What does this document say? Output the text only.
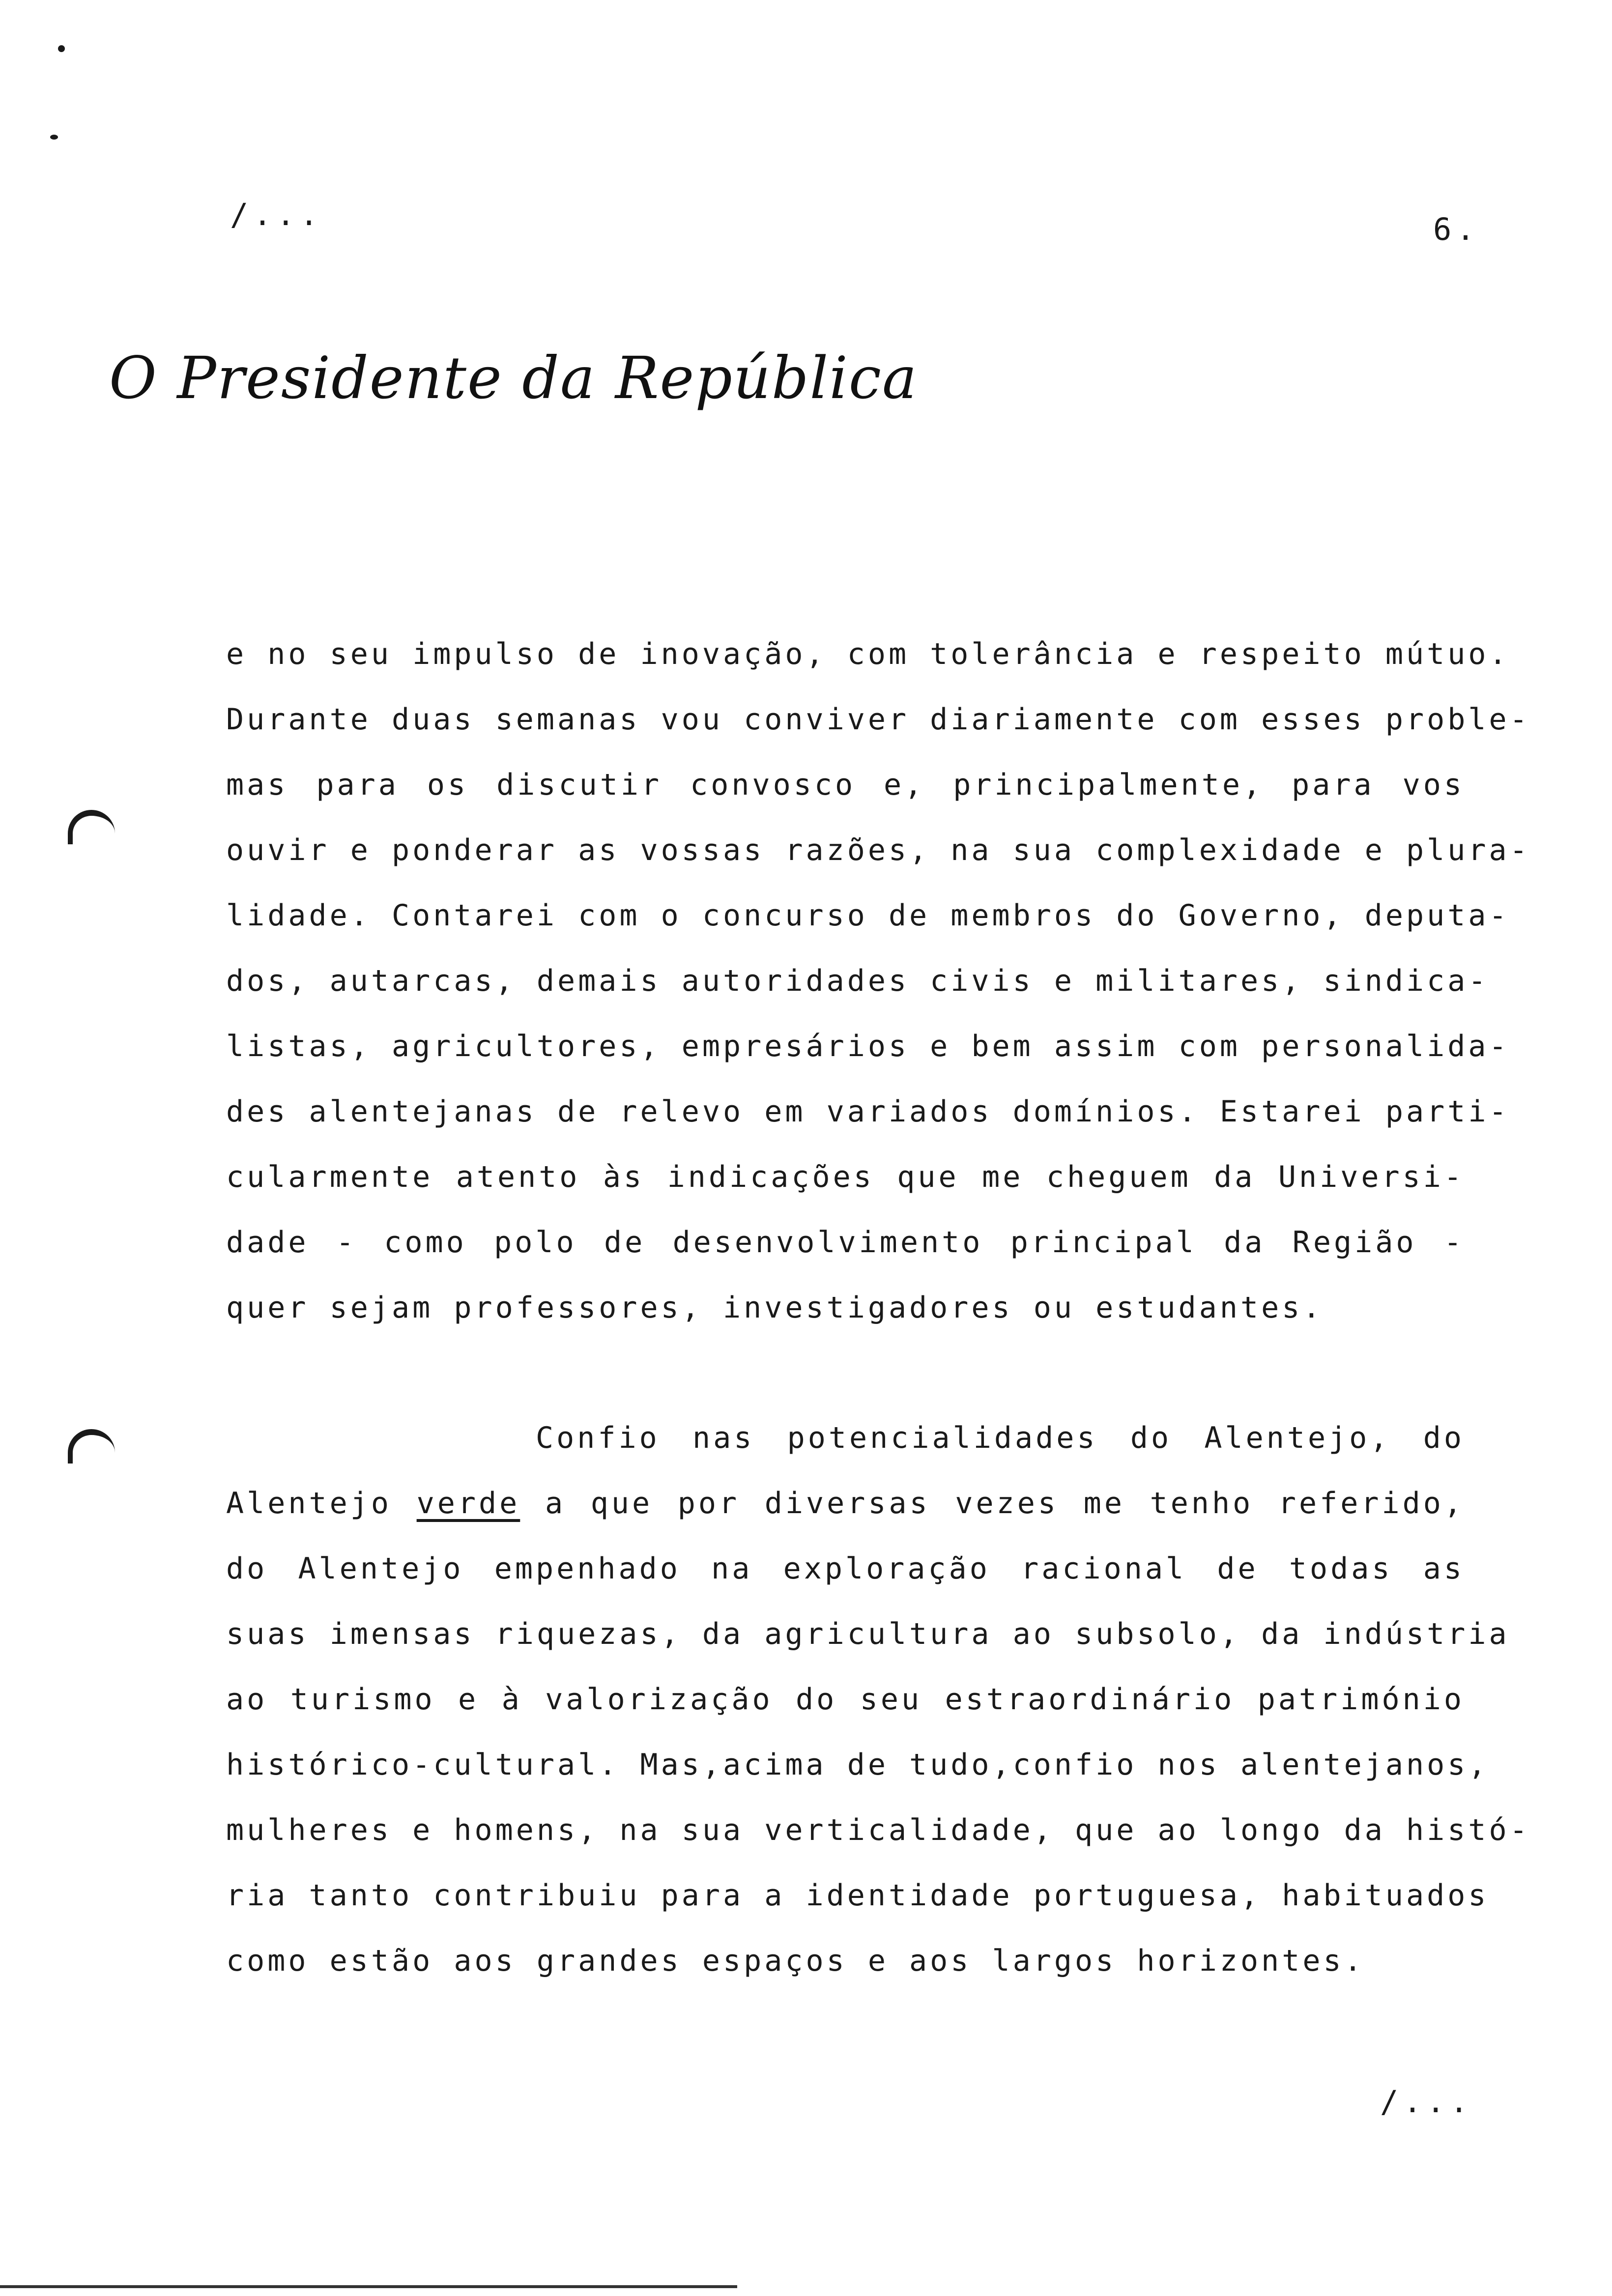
/...	6.
O Presidente da República
e no seu impulso de inovação, com tolerância e respeito mútuo.
Durante duas semanas vou conviver diariamente com esses proble-
mas para os discutir convosco e, principalmente, para vos
ouvir e ponderar as vossas razões, na sua complexidade e plura-
lidade. Contarei com o concurso de membros do Governo, deputa-
dos, autarcas, demais autoridades civis e militares, sindica-
listas, agricultores, empresários e bem assim com personalida-
des alentejanas de relevo em variados domínios. Estarei parti-
cularmente atento às indicações que me cheguem da Universi-
dade - como polo de desenvolvimento principal da Região -
quer sejam professores, investigadores ou estudantes.
Confio nas potencialidades do Alentejo, do
Alentejo verde a que por diversas vezes me tenho referido,
do Alentejo empenhado na exploração racional de todas as
suas imensas riquezas, da agricultura ao subsolo, da indústria
ao turismo e à valorização do seu estraordinário património
histórico-cultural. Mas,acima de tudo,confio nos alentejanos,
mulheres e homens, na sua verticalidade, que ao longo da histó-
ria tanto contribuiu para a identidade portuguesa, habituados
como estão aos grandes espaços e aos largos horizontes.
/...
